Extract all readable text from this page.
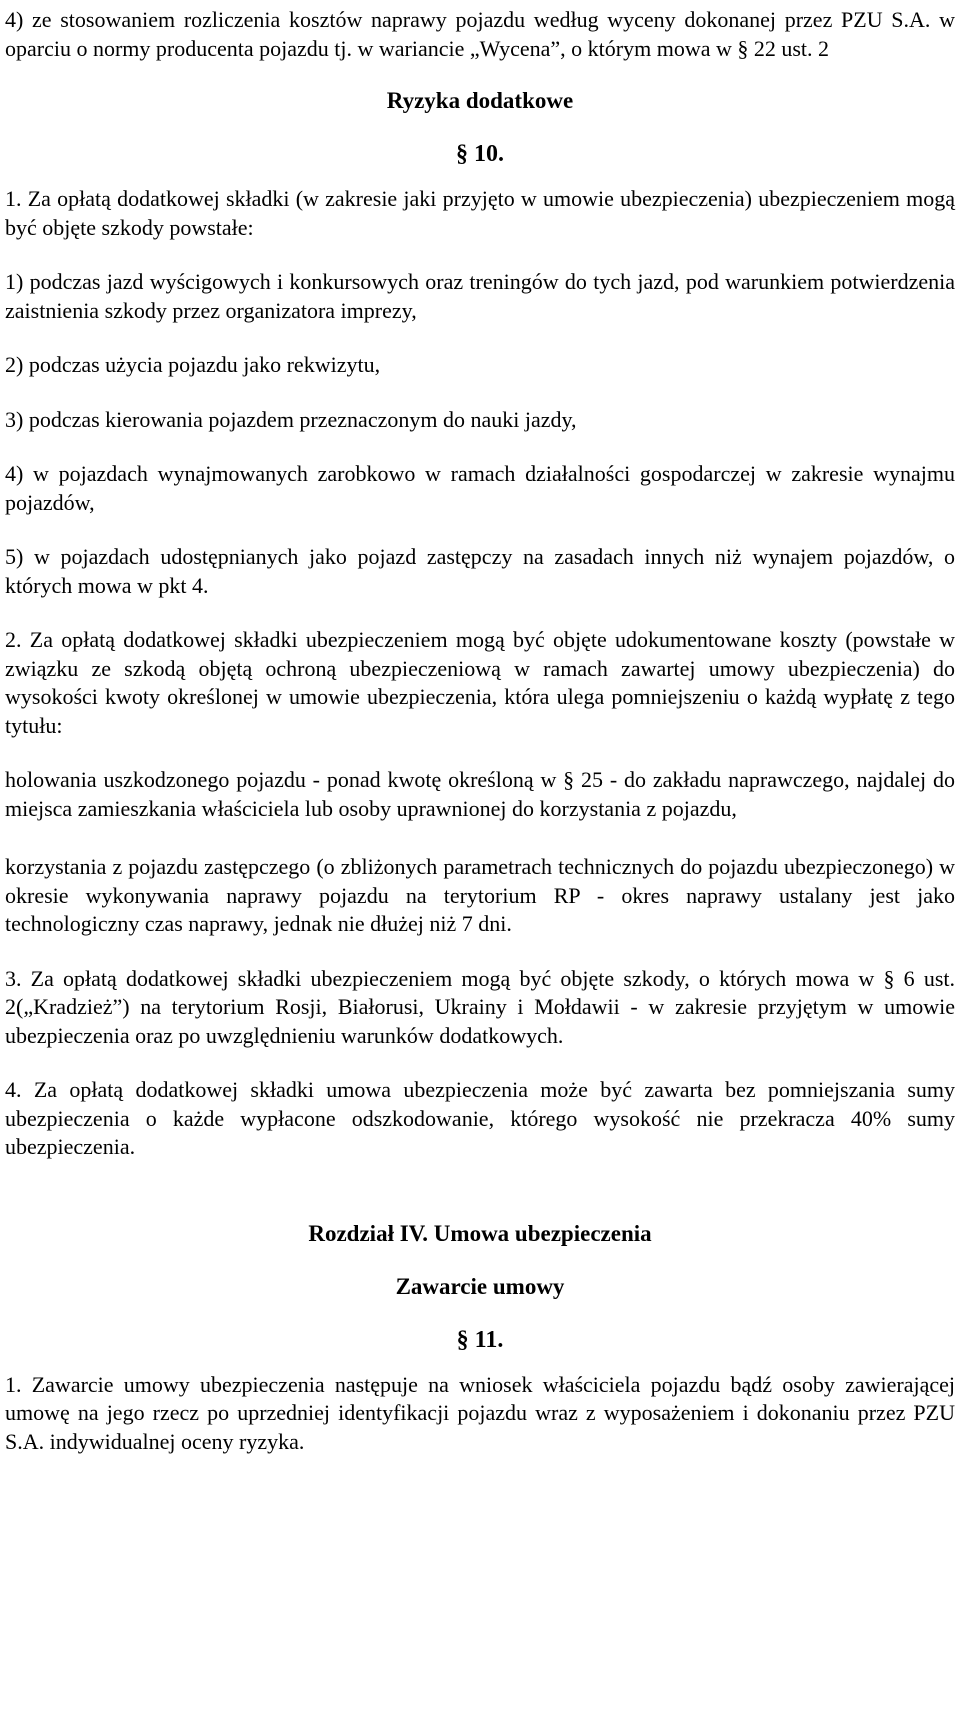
4) ze stosowaniem rozliczenia kosztów naprawy pojazdu według wyceny dokonanej przez PZU S.A. w oparciu o normy producenta pojazdu tj. w wariancie „Wycena”, o którym mowa w § 22 ust. 2

Ryzyka dodatkowe

§ 10.

1. Za opłatą dodatkowej składki (w zakresie jaki przyjęto w umowie ubezpieczenia) ubezpieczeniem mogą być objęte szkody powstałe:

1) podczas jazd wyścigowych i konkursowych oraz treningów do tych jazd, pod warunkiem potwierdzenia zaistnienia szkody przez organizatora imprezy,

2) podczas użycia pojazdu jako rekwizytu,

3) podczas kierowania pojazdem przeznaczonym do nauki jazdy,

4) w pojazdach wynajmowanych zarobkowo w ramach działalności gospodarczej w zakresie wynajmu pojazdów,

5) w pojazdach udostępnianych jako pojazd zastępczy na zasadach innych niż wynajem pojazdów, o których mowa w pkt 4.

2. Za opłatą dodatkowej składki ubezpieczeniem mogą być objęte udokumentowane koszty (powstałe w związku ze szkodą objętą ochroną ubezpieczeniową w ramach zawartej umowy ubezpieczenia) do wysokości kwoty określonej w umowie ubezpieczenia, która ulega pomniejszeniu o każdą wypłatę z tego tytułu:

holowania uszkodzonego pojazdu - ponad kwotę określoną w § 25 - do zakładu naprawczego, najdalej do miejsca zamieszkania właściciela lub osoby uprawnionej do korzystania z pojazdu,

korzystania z pojazdu zastępczego (o zbliżonych parametrach technicznych do pojazdu ubezpieczonego) w okresie wykonywania naprawy pojazdu na terytorium RP - okres naprawy ustalany jest jako technologiczny czas naprawy, jednak nie dłużej niż 7 dni.

3. Za opłatą dodatkowej składki ubezpieczeniem mogą być objęte szkody, o których mowa w § 6 ust. 2(„Kradzież”) na terytorium Rosji, Białorusi, Ukrainy i Mołdawii - w zakresie przyjętym w umowie ubezpieczenia oraz po uwzględnieniu warunków dodatkowych.

4. Za opłatą dodatkowej składki umowa ubezpieczenia może być zawarta bez pomniejszania sumy ubezpieczenia o każde wypłacone odszkodowanie, którego wysokość nie przekracza 40% sumy ubezpieczenia.

Rozdział IV. Umowa ubezpieczenia

Zawarcie umowy

§ 11.

1. Zawarcie umowy ubezpieczenia następuje na wniosek właściciela pojazdu bądź osoby zawierającej umowę na jego rzecz po uprzedniej identyfikacji pojazdu wraz z wyposażeniem i dokonaniu przez PZU S.A. indywidualnej oceny ryzyka.
